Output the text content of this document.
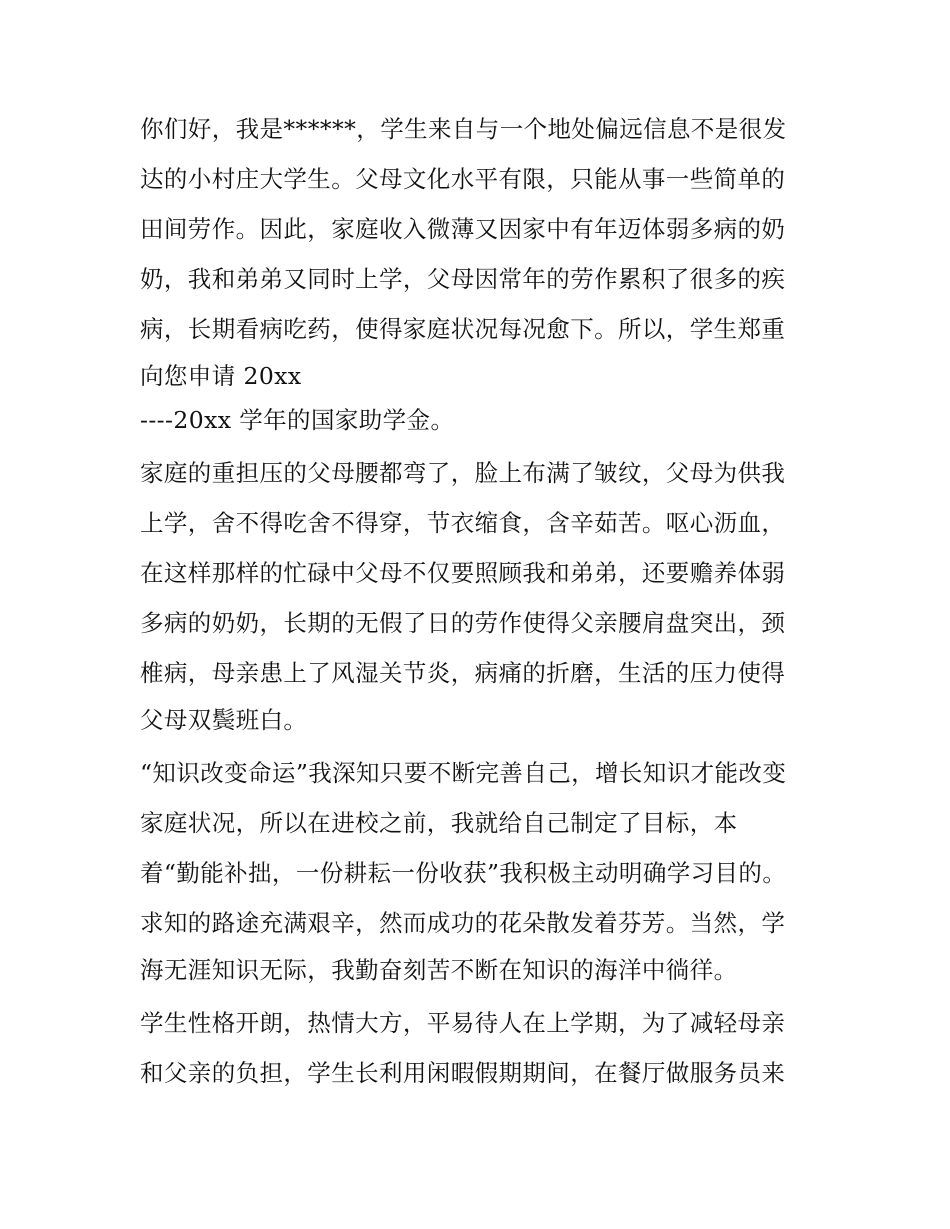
你们好，我是******，学生来自与一个地处偏远信息不是很发
达的小村庄大学生。父母文化水平有限，只能从事一些简单的
田间劳作。因此，家庭收入微薄又因家中有年迈体弱多病的奶
奶，我和弟弟又同时上学，父母因常年的劳作累积了很多的疾
病，长期看病吃药，使得家庭状况每况愈下。所以，学生郑重
向您申请 20xx
----20xx 学年的国家助学金。
家庭的重担压的父母腰都弯了，脸上布满了皱纹，父母为供我
上学，舍不得吃舍不得穿，节衣缩食，含辛茹苦。呕心沥血，
在这样那样的忙碌中父母不仅要照顾我和弟弟，还要赡养体弱
多病的奶奶，长期的无假了日的劳作使得父亲腰肩盘突出，颈
椎病，母亲患上了风湿关节炎，病痛的折磨，生活的压力使得
父母双鬓班白。
“知识改变命运”我深知只要不断完善自己，增长知识才能改变
家庭状况，所以在进校之前，我就给自己制定了目标，本
着“勤能补拙，一份耕耘一份收获”我积极主动明确学习目的。
求知的路途充满艰辛，然而成功的花朵散发着芬芳。当然，学
海无涯知识无际，我勤奋刻苦不断在知识的海洋中徜徉。
学生性格开朗，热情大方，平易待人在上学期，为了减轻母亲
和父亲的负担，学生长利用闲暇假期期间，在餐厅做服务员来
